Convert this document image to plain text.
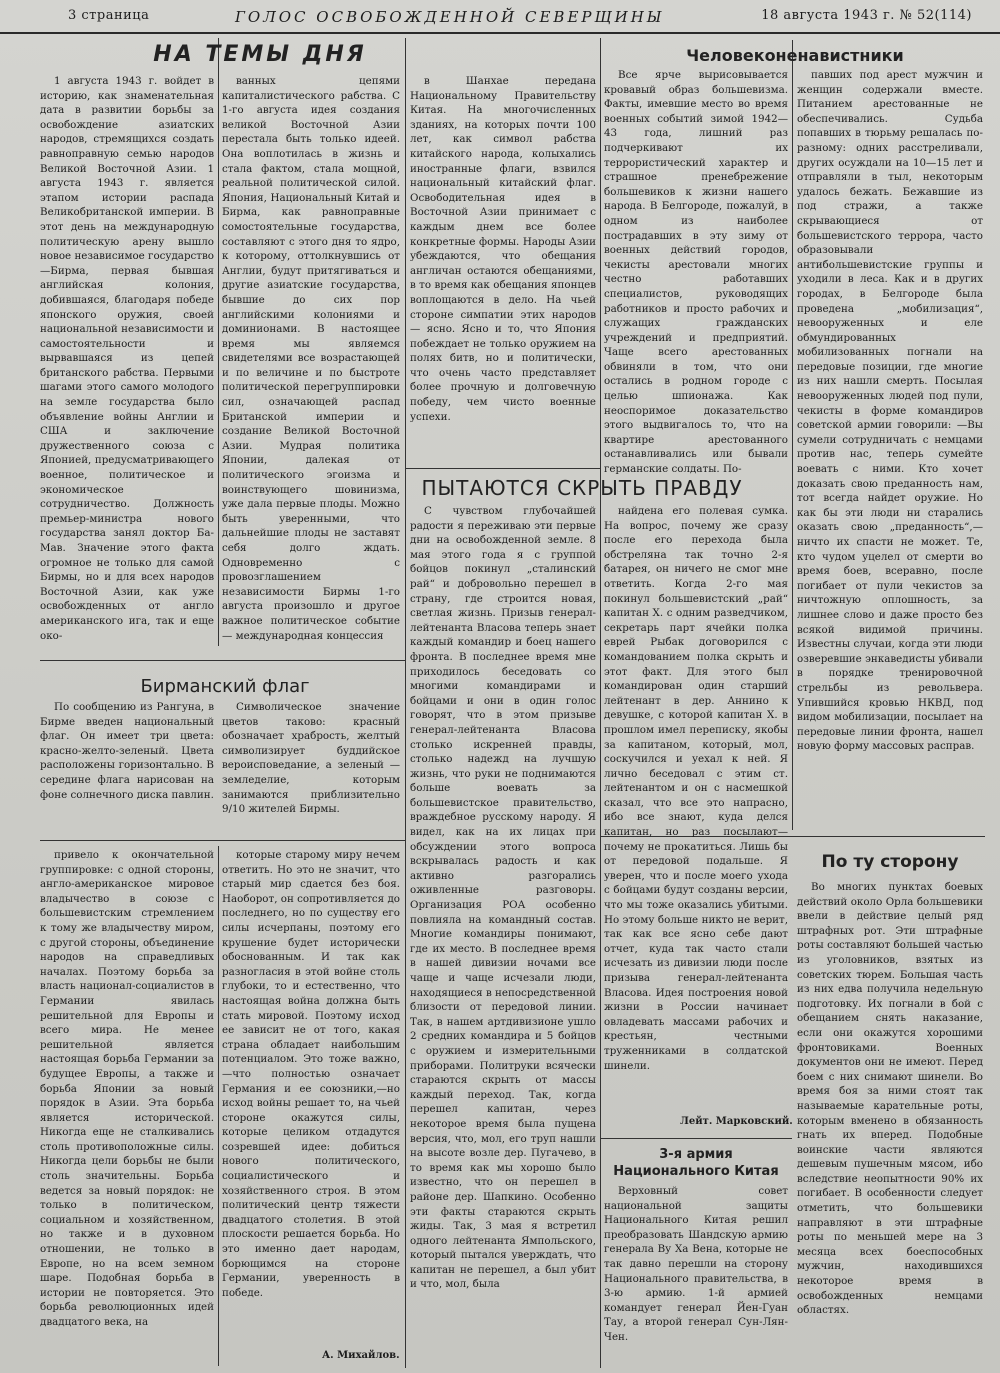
3 страница	ГОЛОС ОСВОБОЖДЕННОЙ СЕВЕРЩИНЫ	18 августа 1943 г. № 52(114)
НА ТЕМЫ ДНЯ

1 августа 1943 г. войдет в историю, как знаменательная дата в развитии борьбы за освобождение азиатских народов, стремящихся создать равноправную семью народов Великой Восточной Азии. 1 августа 1943 г. является этапом истории распада Великобританской империи. В этот день на международную политическую арену вышло новое независимое государство—Бирма, первая бывшая английская колония, добившаяся, благодаря победе японского оружия, своей национальной независимости и самостоятельности и вырвавшаяся из цепей британского рабства. Первыми шагами этого самого молодого на земле государства было объявление войны Англии и США и заключение дружественного союза с Японией, предусматривающего военное, политическое и экономическое сотрудничество. Должность премьер-министра нового государства занял доктор Ба-Мав. Значение этого факта огромное не только для самой Бирмы, но и для всех народов Восточной Азии, как уже освобожденных от англо американского ига, так и еще око-

ванных цепями капиталистического рабства. С 1-го августа идея создания великой Восточной Азии перестала быть только идеей. Она воплотилась в жизнь и стала фактом, стала мощной, реальной политической силой. Япония, Национальный Китай и Бирма, как равноправные сомостоятельные государства, составляют с этого дня то ядро, к которому, оттолкнувшись от Англии, будут притягиваться и другие азиатские государства, бывшие до сих пор английскими колониями и доминионами. В настоящее время мы являемся свидетелями все возрастающей и по величине и по быстроте политической перегруппировки сил, означающей распад Британской империи и создание Великой Восточной Азии. Мудрая политика Японии, далекая от политического эгоизма и воинствующего шовинизма, уже дала первые плоды. Можно быть уверенными, что дальнейшие плоды не заставят себя долго ждать. Одновременно с провозглашением независимости Бирмы 1-го августа произошло и другое важное политическое событие — международная концессия

в Шанхае передана Национальному Правительству Китая. На многочисленных зданиях, на которых почти 100 лет, как символ рабства китайского народа, колыхались иностранные флаги, взвился национальный китайский флаг. Освободительная идея в Восточной Азии принимает с каждым днем все более конкретные формы. Народы Азии убеждаются, что обещания англичан остаются обещаниями, в то время как обещания японцев воплощаются в дело. На чьей стороне симпатии этих народов — ясно. Ясно и то, что Япония побеждает не только оружием на полях битв, но и политически, что очень часто представляет более прочную и долговечную победу, чем чисто военные успехи.

Бирманский флаг

По сообщению из Рангуна, в Бирме введен национальный флаг. Он имеет три цвета: красно-желто-зеленый. Цвета расположены горизонтально. В середине флага нарисован на фоне солнечного диска павлин.

Символическое значение цветов таково: красный обозначает храбрость, желтый символизирует буддийское вероисповедание, а зеленый — земледелие, которым занимаются приблизительно 9/10 жителей Бирмы.

привело к окончательной группировке: с одной стороны, англо-американское мировое владычество в союзе с большевистским стремлением к тому же владычеству миром, с другой стороны, объединение народов на справедливых началах. Поэтому борьба за власть национал-социалистов в Германии явилась решительной для Европы и всего мира. Не менее решительной является настоящая борьба Германии за будущее Европы, а также и борьба Японии за новый порядок в Азии. Эта борьба является исторической. Никогда еще не сталкивались столь противоположные силы. Никогда цели борьбы не были столь значительны. Борьба ведется за новый порядок: не только в политическом, социальном и хозяйственном, но также и в духовном отношении, не только в Европе, но на всем земном шаре. Подобная борьба в истории не повторяется. Это борьба революционных идей двадцатого века, на

которые старому миру нечем ответить. Но это не значит, что старый мир сдается без боя. Наоборот, он сопротивляется до последнего, но по существу его силы исчерпаны, поэтому его крушение будет исторически обоснованным. И так как разногласия в этой войне столь глубоки, то и естественно, что настоящая война должна быть стать мировой. Поэтому исход ее зависит не от того, какая страна обладает наибольшим потенциалом. Это тоже важно,—что полностью означает Германия и ее союзники,—но исход войны решает то, на чьей стороне окажутся силы, которые целиком отдадутся созревшей идее: добиться нового политического, социалистического и хозяйственного строя. В этом политический центр тяжести двадцатого столетия. В этой плоскости решается борьба. Но это именно дает народам, борющимся на стороне Германии, уверенность в победе.

А. Михайлов.
ПЫТАЮТСЯ СКРЫТЬ ПРАВДУ

С чувством глубочайшей радости я переживаю эти первые дни на освобожденной земле. 8 мая этого года я с группой бойцов покинул „сталинский рай“ и добровольно перешел в страну, где строится новая, светлая жизнь. Призыв генерал-лейтенанта Власова теперь знает каждый командир и боец нашего фронта. В последнее время мне приходилось беседовать со многими командирами и бойцами и они в один голос говорят, что в этом призыве генерал-лейтенанта Власова столько искренней правды, столько надежд на лучшую жизнь, что руки не поднимаются больше воевать за большевистское правительство, враждебное русскому народу. Я видел, как на их лицах при обсуждении этого вопроса вскрывалась радость и как активно разгорались оживленные разговоры. Организация РОА особенно повлияла на командный состав. Многие командиры понимают, где их место. В последнее время в нашей дивизии ночами все чаще и чаще исчезали люди, находящиеся в непосредственной близости от передовой линии. Так, в нашем артдивизионе ушло 2 средних командира и 5 бойцов с оружием и измерительными приборами. Политруки всячески стараются скрыть от массы каждый переход. Так, когда перешел капитан, через некоторое время была пущена версия, что, мол, его труп нашли на высоте возле дер. Пугачево, в то время как мы хорошо было известно, что он перешел в районе дер. Шапкино. Особенно эти факты стараются скрыть жиды. Так, 3 мая я встретил одного лейтенанта Ямпольского, который пытался уверждать, что капитан не перешел, а был убит и что, мол, была

найдена его полевая сумка. На вопрос, почему же сразу после его перехода была обстреляна так точно 2-я батарея, он ничего не смог мне ответить. Когда 2-го мая покинул большевистский „рай“ капитан Х. с одним разведчиком, секретарь парт ячейки полка еврей Рыбак договорился с командованием полка скрыть и этот факт. Для этого был командирован один старший лейтенант в дер. Аннино к девушке, с которой капитан Х. в прошлом имел переписку, якобы за капитаном, который, мол, соскучился и уехал к ней. Я лично беседовал с этим ст. лейтенантом и он с насмешкой сказал, что все это напрасно, ибо все знают, куда делся капитан, но раз посылают—почему не прокатиться. Лишь бы от передовой подальше. Я уверен, что и после моего ухода с бойцами будут созданы версии, что мы тоже оказались убитыми. Но этому больше никто не верит, так как все ясно себе дают отчет, куда так часто стали исчезать из дивизии люди после призыва генерал-лейтенанта Власова. Идея построения новой жизни в России начинает овладевать массами рабочих и крестьян, честными труженниками в солдатской шинели.

Лейт. Марковский.
Человеконенавистники

Все ярче вырисовывается кровавый образ большевизма. Факты, имевшие место во время военных событий зимой 1942—43 года, лишний раз подчеркивают их террористический характер и страшное пренебрежение большевиков к жизни нашего народа. В Белгороде, пожалуй, в одном из наиболее пострадавших в эту зиму от военных действий городов, чекисты арестовали многих честно работавших специалистов, руководящих работников и просто рабочих и служащих гражданских учреждений и предприятий. Чаще всего арестованных обвиняли в том, что они остались в родном городе с целью шпионажа. Как неоспоримое доказательство этого выдвигалось то, что на квартире арестованного останавливались или бывали германские солдаты. По-

павших под арест мужчин и женщин содержали вместе. Питанием арестованные не обеспечивались. Судьба попавших в тюрьму решалась по-разному: одних расстреливали, других осуждали на 10—15 лет и отправляли в тыл, некоторым удалось бежать. Бежавшие из под стражи, а также скрывающиеся от большевистского террора, часто образовывали антибольшевистские группы и уходили в леса. Как и в других городах, в Белгороде была проведена „мобилизация“, невооруженных и еле обмундированных мобилизованных погнали на передовые позиции, где многие из них нашли смерть. Посылая невооруженных людей под пули, чекисты в форме командиров советской армии говорили: —Вы сумели сотрудничать с немцами против нас, теперь сумейте воевать с ними. Кто хочет доказать свою преданность нам, тот всегда найдет оружие. Но как бы эти люди ни старались оказать свою „преданность“,—ничто их спасти не может. Те, кто чудом уцелел от смерти во время боев, всеравно, после погибает от пули чекистов за ничтожную оплошность, за лишнее слово и даже просто без всякой видимой причины. Известны случаи, когда эти люди озверевшие энкаведисты убивали в порядке тренировочной стрельбы из револьвера. Упившийся кровью НКВД, под видом мобилизации, посылает на передовые линии фронта, нашел новую форму массовых расправ.

По ту сторону

Во многих пунктах боевых действий около Орла большевики ввели в действие целый ряд штрафных рот. Эти штрафные роты составляют большей частью из уголовников, взятых из советских тюрем. Большая часть из них едва получила недельную подготовку. Их погнали в бой с обещанием снять наказание, если они окажутся хорошими фронтовиками. Военных документов они не имеют. Перед боем с них снимают шинели. Во время боя за ними стоят так называемые карательные роты, которым вменено в обязанность гнать их вперед. Подобные воинские части являются дешевым пушечным мясом, ибо вследствие неопытности 90% их погибает. В особенности следует отметить, что большевики направляют в эти штрафные роты по меньшей мере на 3 месяца всех боеспособных мужчин, находившихся некоторое время в освобожденных немцами областях.

3-я армия Национального Китая

Верховный совет национальной защиты Национального Китая решил преобразовать Шандскую армию генерала Ву Ха Вена, которые не так давно перешли на сторону Национального правительства, в 3-ю армию. 1-й армией командует генерал Йен-Гуан Тау, а второй генерал Сун-Лян-Чен.
